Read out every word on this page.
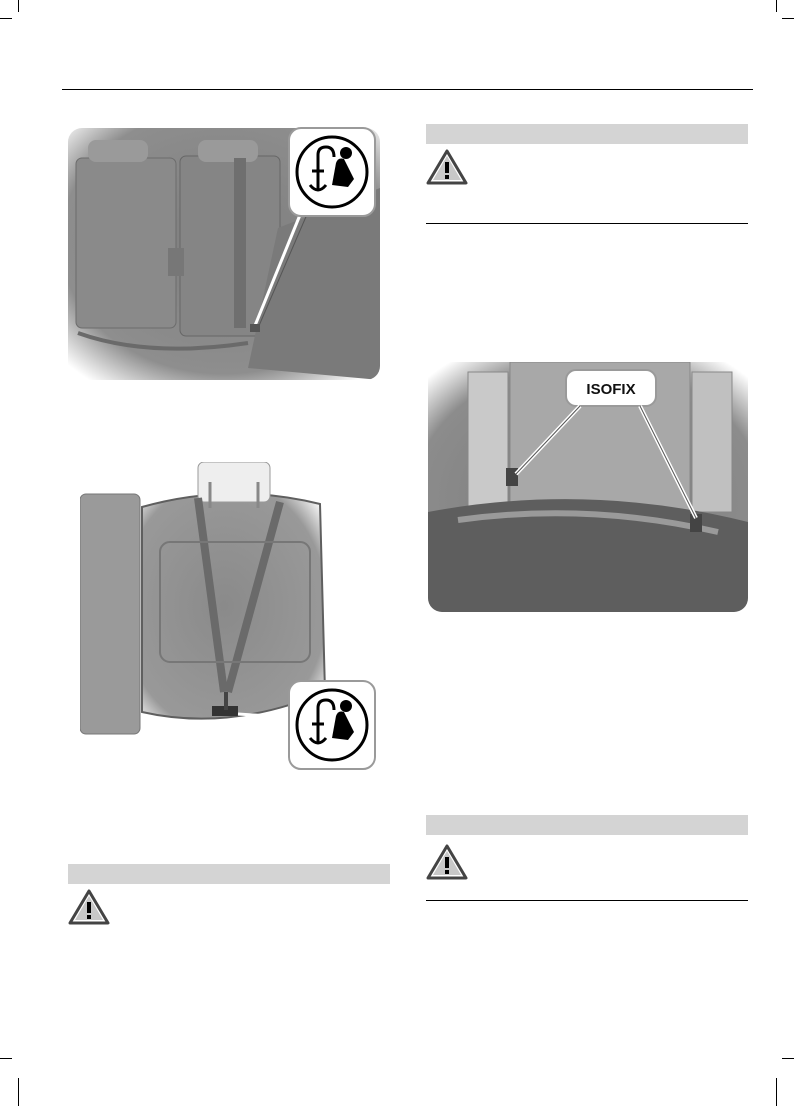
ISOFIX
